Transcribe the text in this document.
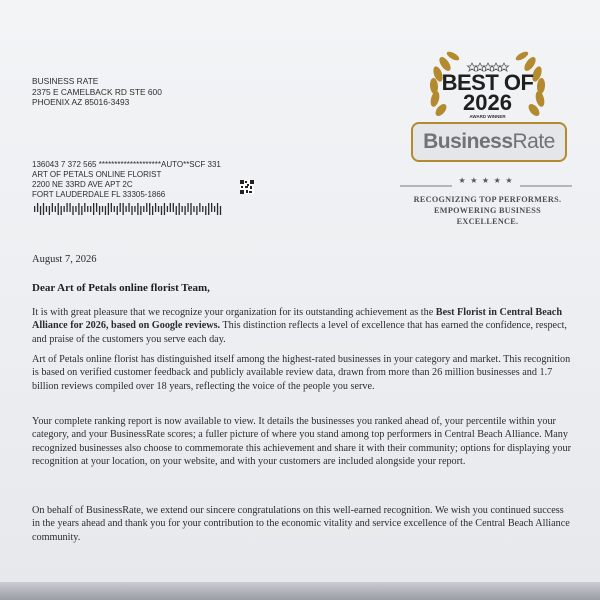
BUSINESS RATE
2375 E CAMELBACK RD STE 600
PHOENIX AZ 85016-3493
136043 7 372 565 ********************AUTO**SCF 331
ART OF PETALS ONLINE FLORIST
2200 NE 33RD AVE APT 2C
FORT LAUDERDALE FL 33305-1866
BEST OF
2026
AWARD WINNER
BusinessRate
★ ★ ★ ★ ★
RECOGNIZING TOP PERFORMERS.
EMPOWERING BUSINESS
EXCELLENCE.
August 7, 2026
Dear Art of Petals online florist Team,

It is with great pleasure that we recognize your organization for its outstanding achievement as the Best Florist in Central Beach Alliance for 2026, based on Google reviews. This distinction reflects a level of excellence that has earned the confidence, respect, and praise of the customers you serve each day.

Art of Petals online florist has distinguished itself among the highest-rated businesses in your category and market. This recognition is based on verified customer feedback and publicly available review data, drawn from more than 26 million businesses and 1.7 billion reviews compiled over 18 years, reflecting the voice of the people you serve.

Your complete ranking report is now available to view. It details the businesses you ranked ahead of, your percentile within your category, and your BusinessRate scores; a fuller picture of where you stand among top performers in Central Beach Alliance. Many recognized businesses also choose to commemorate this achievement and share it with their community; options for displaying your recognition at your location, on your website, and with your customers are included alongside your report.

On behalf of BusinessRate, we extend our sincere congratulations on this well-earned recognition. We wish you continued success in the years ahead and thank you for your contribution to the economic vitality and service excellence of the Central Beach Alliance community.
